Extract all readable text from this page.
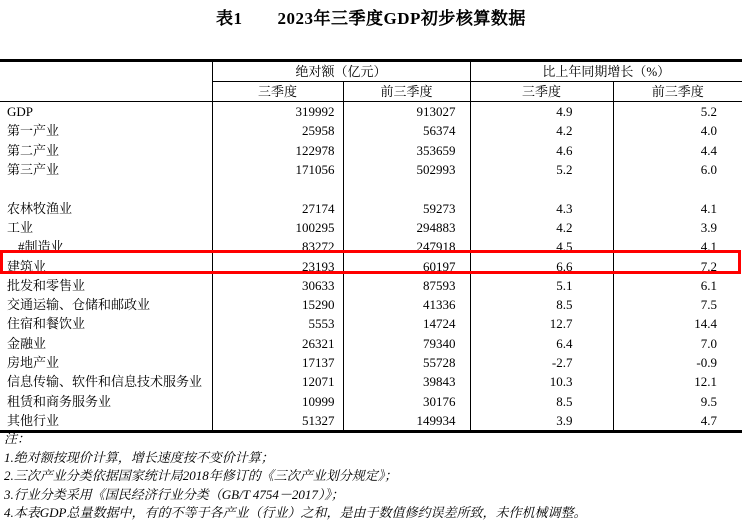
表1　　2023年三季度GDP初步核算数据
	绝对额（亿元）		比上年同期增长（%）	
	三季度	前三季度	三季度	前三季度
GDP	319992	913027	4.9	5.2
第一产业	25958	56374	4.2	4.0
第二产业	122978	353659	4.6	4.4
第三产业	171056	502993	5.2	6.0

农林牧渔业	27174	59273	4.3	4.1
工业	100295	294883	4.2	3.9
#制造业	83272	247918	4.5	4.1
建筑业	23193	60197	6.6	7.2
批发和零售业	30633	87593	5.1	6.1
交通运输、仓储和邮政业	15290	41336	8.5	7.5
住宿和餐饮业	5553	14724	12.7	14.4
金融业	26321	79340	6.4	7.0
房地产业	17137	55728	-2.7	-0.9
信息传输、软件和信息技术服务业	12071	39843	10.3	12.1
租赁和商务服务业	10999	30176	8.5	9.5
其他行业	51327	149934	3.9	4.7
注：
1.绝对额按现价计算，增长速度按不变价计算；
2.三次产业分类依据国家统计局2018年修订的《三次产业划分规定》；
3.行业分类采用《国民经济行业分类（GB/T 4754－2017）》；
4.本表GDP总量数据中，有的不等于各产业（行业）之和，是由于数值修约误差所致，未作机械调整。
